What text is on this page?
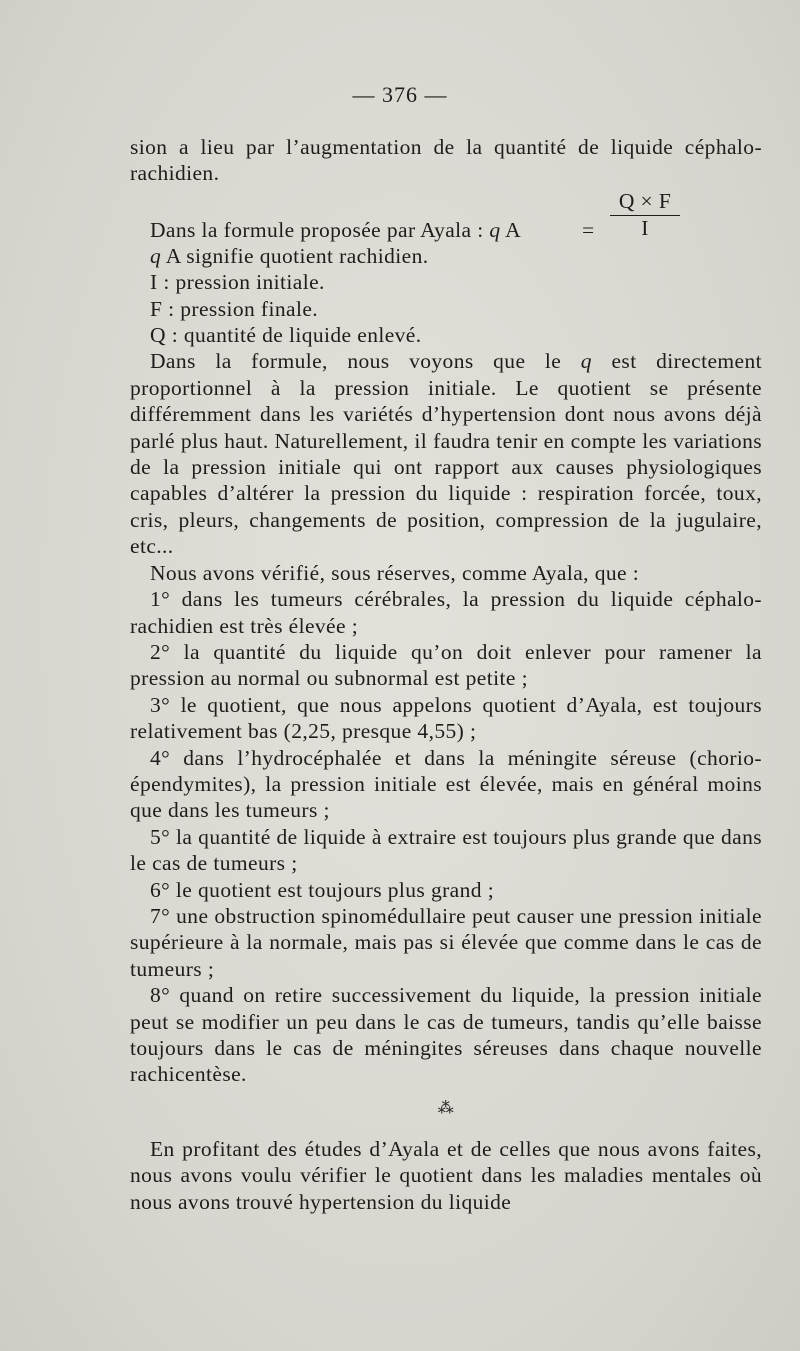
— 376 —

sion a lieu par l’augmentation de la quantité de liquide céphalo-rachidien.

Dans la formule proposée par Ayala : q A	=
Q × F
I

q A signifie quotient rachidien.

I : pression initiale.

F : pression finale.

Q : quantité de liquide enlevé.

Dans la formule, nous voyons que le q est directement proportionnel à la pression initiale. Le quotient se présente différemment dans les variétés d’hypertension dont nous avons déjà parlé plus haut. Naturellement, il faudra tenir en compte les variations de la pression initiale qui ont rapport aux causes physiologiques capables d’altérer la pression du liquide : respiration forcée, toux, cris, pleurs, changements de position, compression de la jugulaire, etc...

Nous avons vérifié, sous réserves, comme Ayala, que :

1° dans les tumeurs cérébrales, la pression du liquide céphalo-rachidien est très élevée ;

2° la quantité du liquide qu’on doit enlever pour ramener la pression au normal ou subnormal est petite ;

3° le quotient, que nous appelons quotient d’Ayala, est toujours relativement bas (2,25, presque 4,55) ;

4° dans l’hydrocéphalée et dans la méningite séreuse (chorio-épendymites), la pression initiale est élevée, mais en général moins que dans les tumeurs ;

5° la quantité de liquide à extraire est toujours plus grande que dans le cas de tumeurs ;

6° le quotient est toujours plus grand ;

7° une obstruction spinomédullaire peut causer une pression initiale supérieure à la normale, mais pas si élevée que comme dans le cas de tumeurs ;

8° quand on retire successivement du liquide, la pression initiale peut se modifier un peu dans le cas de tumeurs, tandis qu’elle baisse toujours dans le cas de méningites séreuses dans chaque nouvelle rachicentèse.

⁂

En profitant des études d’Ayala et de celles que nous avons faites, nous avons voulu vérifier le quotient dans les maladies mentales où nous avons trouvé hypertension du liquide
